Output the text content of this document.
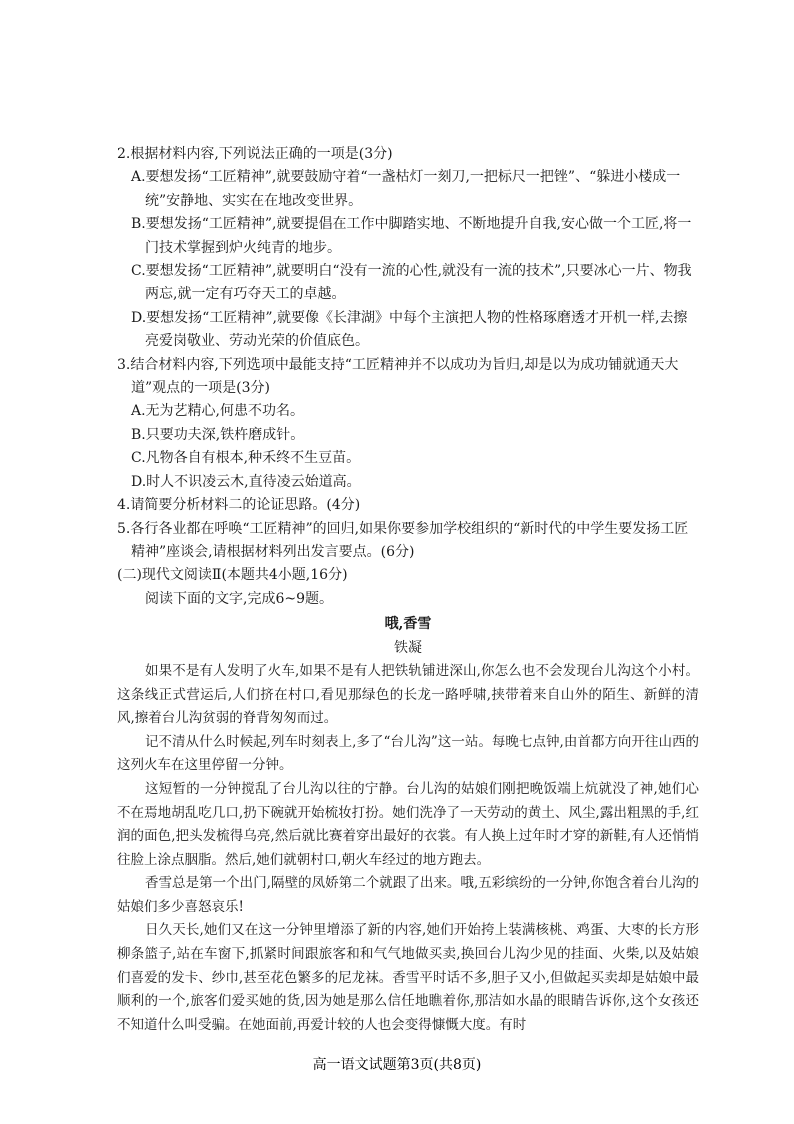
2.根据材料内容,下列说法正确的一项是(3分)

A.要想发扬“工匠精神”,就要鼓励守着“一盏枯灯一刻刀,一把标尺一把锉”、“躲进小楼成一统”安静地、实实在在地改变世界。

B.要想发扬“工匠精神”,就要提倡在工作中脚踏实地、不断地提升自我,安心做一个工匠,将一门技术掌握到炉火纯青的地步。

C.要想发扬“工匠精神”,就要明白“没有一流的心性,就没有一流的技术”,只要冰心一片、物我两忘,就一定有巧夺天工的卓越。

D.要想发扬“工匠精神”,就要像《长津湖》中每个主演把人物的性格琢磨透才开机一样,去擦亮爱岗敬业、劳动光荣的价值底色。

3.结合材料内容,下列选项中最能支持“工匠精神并不以成功为旨归,却是以为成功铺就通天大道”观点的一项是(3分)

A.无为艺精心,何患不功名。

B.只要功夫深,铁杵磨成针。

C.凡物各自有根本,种禾终不生豆苗。

D.时人不识凌云木,直待凌云始道高。

4.请简要分析材料二的论证思路。(4分)

5.各行各业都在呼唤“工匠精神”的回归,如果你要参加学校组织的“新时代的中学生要发扬工匠精神”座谈会,请根据材料列出发言要点。(6分)

(二)现代文阅读Ⅱ(本题共4小题,16分)

阅读下面的文字,完成6~9题。

哦,香雪

铁凝

如果不是有人发明了火车,如果不是有人把铁轨铺进深山,你怎么也不会发现台儿沟这个小村。这条线正式营运后,人们挤在村口,看见那绿色的长龙一路呼啸,挟带着来自山外的陌生、新鲜的清风,擦着台儿沟贫弱的脊背匆匆而过。

记不清从什么时候起,列车时刻表上,多了“台儿沟”这一站。每晚七点钟,由首都方向开往山西的这列火车在这里停留一分钟。

这短暂的一分钟搅乱了台儿沟以往的宁静。台儿沟的姑娘们刚把晚饭端上炕就没了神,她们心不在焉地胡乱吃几口,扔下碗就开始梳妆打扮。她们洗净了一天劳动的黄土、风尘,露出粗黑的手,红润的面色,把头发梳得乌亮,然后就比赛着穿出最好的衣裳。有人换上过年时才穿的新鞋,有人还悄悄往脸上涂点胭脂。然后,她们就朝村口,朝火车经过的地方跑去。

香雪总是第一个出门,隔壁的凤娇第二个就跟了出来。哦,五彩缤纷的一分钟,你饱含着台儿沟的姑娘们多少喜怒哀乐!

日久天长,她们又在这一分钟里增添了新的内容,她们开始挎上装满核桃、鸡蛋、大枣的长方形柳条篮子,站在车窗下,抓紧时间跟旅客和和气气地做买卖,换回台儿沟少见的挂面、火柴,以及姑娘们喜爱的发卡、纱巾,甚至花色繁多的尼龙袜。香雪平时话不多,胆子又小,但做起买卖却是姑娘中最顺利的一个,旅客们爱买她的货,因为她是那么信任地瞧着你,那洁如水晶的眼睛告诉你,这个女孩还不知道什么叫受骗。在她面前,再爱计较的人也会变得慷慨大度。有时

高一语文试题第3页(共8页)
